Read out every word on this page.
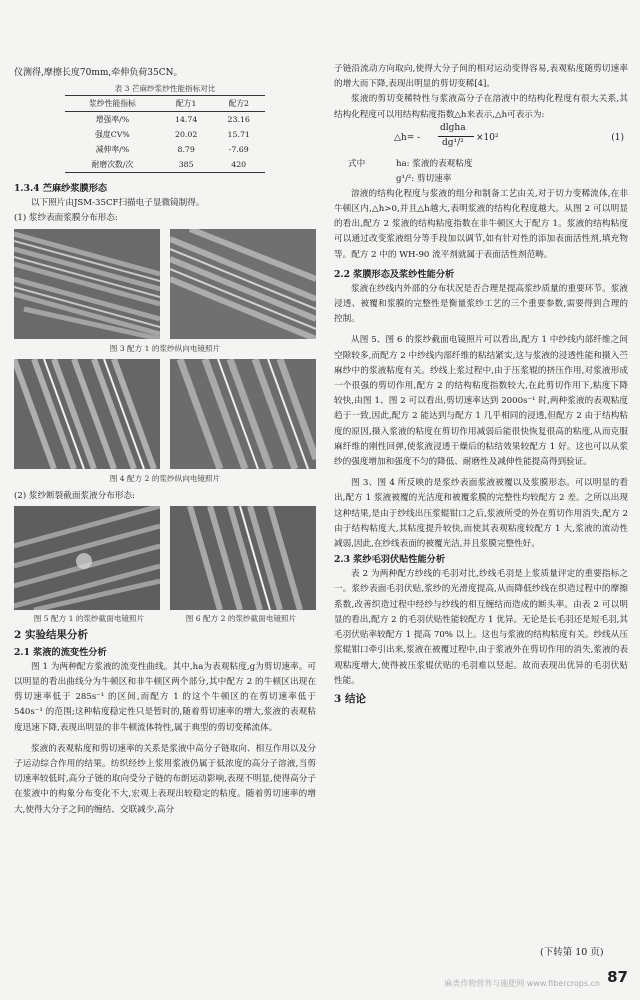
仪测得,摩擦长度70mm,牵伸负荷35CN。

表 3 芒麻纱浆纱性能指标对比
浆纱性能指标	配方1	配方2
增强率/%	14.74	23.16
强度CV%	20.02	15.71
减伸率/%	8.79	-7.69
耐磨次数/次	385	420
1.3.4 苎麻纱浆膜形态

以下照片由JSM-35CF扫描电子显微镜制得。

(1) 浆纱表面浆膜分布形态:

图 3 配方 1 的浆纱纵向电镜照片
图 4 配方 2 的浆纱纵向电镜照片

(2) 浆纱断裂截面浆液分布形态:

图 5 配方 1 的浆纱截面电镜照片	图 6 配方 2 的浆纱截面电镜照片
2 实验结果分析
2.1 浆液的流变性分析

图 1 为两种配方浆液的流变性曲线。其中,ha为表观粘度,g为剪切速率。可以明显的看出曲线分为牛顿区和非牛顿区两个部分,其中配方 2 的牛顿区出现在剪切速率低于 285s⁻¹ 的区间,而配方 1 的这个牛顿区的在剪切速率低于 540s⁻¹ 的范围;这种粘度稳定性只是暂时的,随着剪切速率的增大,浆液的表观粘度迅速下降,表现出明显的非牛顿流体特性,属于典型的剪切变稀流体。

浆液的表观粘度和剪切速率的关系是浆液中高分子链取向、相互作用以及分子运动综合作用的结果。纺织经纱上浆用浆液仍属于低浓度的高分子溶液,当剪切速率较低时,高分子链的取向受分子链的布朗运动影响,表现不明显,使得高分子在浆液中的构象分布变化不大,宏观上表现出较稳定的粘度。随着剪切速率的增大,使得大分子之间的缠结、交联减少,高分

子链沿流动方向取向,使得大分子间的相对运动变得容易,表观粘度随剪切速率的增大而下降,表现出明显的剪切变稀[4]。

浆液的剪切变稀特性与浆液高分子在溶液中的结构化程度有很大关系,其结构化程度可以用结构粘度指数△h来表示,△h可表示为:

△h= -
dlgha
dg¹/² ×10²	(1)
式中	ha: 浆液的表观粘度
g¹/²: 剪切速率

溶液的结构化程度与浆液的组分和制备工艺由关,对于切力变稀流体,在非牛顿区内,△h>0,并且△h越大,表明浆液的结构化程度越大。从图 2 可以明显的看出,配方 2 浆液的结构粘度指数在非牛顿区大于配方 1。浆液的结构粘度可以通过改变浆液组分等手段加以调节,如有针对性的添加表面活性剂,填充物等。配方 2 中的 WH-90 流平剂就属于表面活性剂范畴。

2.2 浆膜形态及浆纱性能分析

浆液在纱线内外部的分布状况是否合理是提高浆纱质量的重要环节。浆液浸透、被覆和浆膜的完整性是衡量浆纱工艺的三个重要参数,需要得到合理的控制。

从图 5、图 6 的浆纱截面电镜照片可以看出,配方 1 中纱线内部纤维之间空隙较多,而配方 2 中纱线内部纤维的粘结紧实,这与浆液的浸透性能和摄入苎麻纱中的浆液粘度有关。纱线上浆过程中,由于压浆辊的挤压作用,对浆液形成一个很强的剪切作用,配方 2 的结构粘度指数较大,在此剪切作用下,粘度下降较快,由图 1、图 2 可以看出,剪切速率达到 2000s⁻¹ 时,两种浆液的表观粘度趋于一致,因此,配方 2 能达到与配方 1 几乎相同的浸透,但配方 2 由于结构粘度的原因,摄入浆液的粘度在剪切作用减弱后能很快恢复很高的粘度,从而克服麻纤维的刚性回弹,使浆液浸透干燥后的粘结效果较配方 1 好。这也可以从浆纱的强度增加和强度不匀的降低、耐磨性及减伸性能提高得到验证。

图 3、图 4 所反映的是浆纱表面浆液被覆以及浆膜形态。可以明显的看出,配方 1 浆液被覆的光洁度和被覆浆膜的完整性均较配方 2 差。之所以出现这种结果,是由于纱线出压浆辊钳口之后,浆液所受的外在剪切作用消失,配方 2 由于结构粘度大,其粘度提升较快,而使其表观粘度较配方 1 大,浆液的流动性减弱,因此,在纱线表面的被覆光洁,并且浆膜完整性好。

2.3 浆纱毛羽伏贴性能分析

表 2 为两种配方纱线的毛羽对比,纱线毛羽是上浆质量评定的重要指标之一。浆纱表面毛羽伏贴,浆纱的光滑度提高,从而降低纱线在织造过程中的摩擦系数,改善织造过程中经纱与纱线的相互缠结而造成的断头率。由表 2 可以明显的看出,配方 2 的毛羽伏贴性能较配方 1 优异。无论是长毛羽还是短毛羽,其毛羽伏贴率较配方 1 提高 70% 以上。这也与浆液的结构粘度有关。纱线从压浆辊钳口牵引出来,浆液在被覆过程中,由于浆液外在剪切作用的消失,浆液的表观粘度增大,使得被压浆辊伏贴的毛羽难以竖起。故而表现出优异的毛羽伏贴性能。

3 结论
(下转第 10 页)
麻类作物营养与施肥网 www.fibercrops.cn 87
